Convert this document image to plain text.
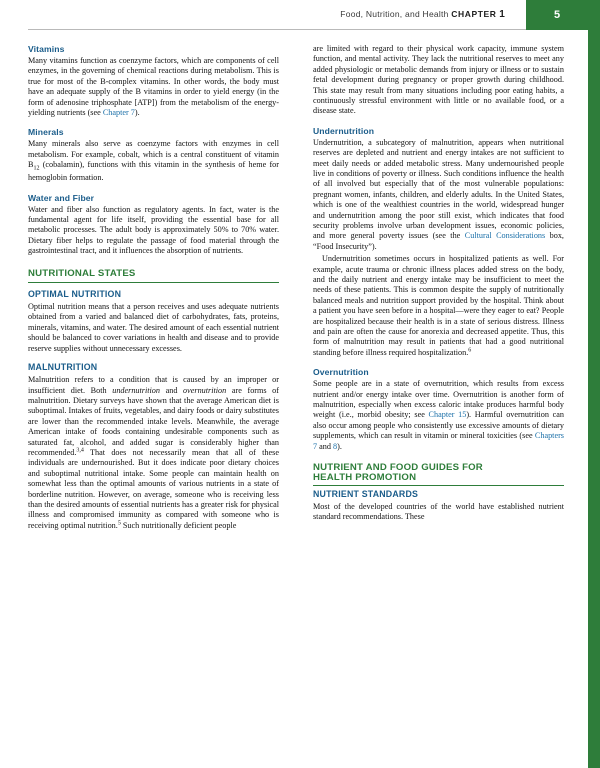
Food, Nutrition, and Health CHAPTER 1	5
Vitamins

Many vitamins function as coenzyme factors, which are components of cell enzymes, in the governing of chemical reactions during metabolism. This is true for most of the B-complex vitamins. In other words, the body must have an adequate supply of the B vitamins in order to yield energy (in the form of adenosine triphosphate [ATP]) from the metabolism of the energy-yielding nutrients (see Chapter 7).

Minerals

Many minerals also serve as coenzyme factors with enzymes in cell metabolism. For example, cobalt, which is a central constituent of vitamin $B_{12}$ (cobalamin), functions with this vitamin in the synthesis of heme for hemoglobin formation.

Water and Fiber

Water and fiber also function as regulatory agents. In fact, water is the fundamental agent for life itself, providing the essential base for all metabolic processes. The adult body is approximately 50% to 70% water. Dietary fiber helps to regulate the passage of food material through the gastrointestinal tract, and it influences the absorption of nutrients.

NUTRITIONAL STATES
OPTIMAL NUTRITION

Optimal nutrition means that a person receives and uses adequate nutrients obtained from a varied and balanced diet of carbohydrates, fats, proteins, minerals, vitamins, and water. The desired amount of each essential nutrient should be balanced to cover variations in health and disease and to provide reserve supplies without unnecessary excesses.

MALNUTRITION

Malnutrition refers to a condition that is caused by an improper or insufficient diet. Both undernutrition and overnutrition are forms of malnutrition. Dietary surveys have shown that the average American diet is suboptimal. Intakes of fruits, vegetables, and dairy foods or dairy substitutes are lower than the recommended intake levels. Meanwhile, the average American intake of foods containing undesirable components such as saturated fat, alcohol, and added sugar is considerably higher than recommended.$^{3,4}$ That does not necessarily mean that all of these individuals are undernourished. But it does indicate poor dietary choices and suboptimal nutritional intake. Some people can maintain health on somewhat less than the optimal amounts of various nutrients in a state of borderline nutrition. However, on average, someone who is receiving less than the desired amounts of essential nutrients has a greater risk for physical illness and compromised immunity as compared with someone who is receiving optimal nutrition.$^5$ Such nutritionally deficient people

are limited with regard to their physical work capacity, immune system function, and mental activity. They lack the nutritional reserves to meet any added physiologic or metabolic demands from injury or illness or to sustain fetal development during pregnancy or proper growth during childhood. This state may result from many situations including poor eating habits, a continuously stressful environment with little or no available food, or a disease state.

Undernutrition

Undernutrition, a subcategory of malnutrition, appears when nutritional reserves are depleted and nutrient and energy intakes are not sufficient to meet daily needs or added metabolic stress. Many undernourished people live in conditions of poverty or illness. Such conditions influence the health of all involved but especially that of the most vulnerable populations: pregnant women, infants, children, and elderly adults. In the United States, which is one of the wealthiest countries in the world, widespread hunger and undernutrition among the poor still exist, which indicates that food security problems involve urban development issues, economic policies, and more general poverty issues (see the Cultural Considerations box, “Food Insecurity”).

Undernutrition sometimes occurs in hospitalized patients as well. For example, acute trauma or chronic illness places added stress on the body, and the daily nutrient and energy intake may be insufficient to meet the needs of these patients. This is common despite the supply of nutritionally balanced meals and nutrition support provided by the hospital. Think about a patient you have seen before in a hospital—were they eager to eat? People are hospitalized because their health is in a state of serious distress. Illness and pain are often the cause for anorexia and decreased appetite. Thus, this form of malnutrition may result in patients that had a good nutritional standing before illness required hospitalization.$^6$

Overnutrition

Some people are in a state of overnutrition, which results from excess nutrient and/or energy intake over time. Overnutrition is another form of malnutrition, especially when excess caloric intake produces harmful body weight (i.e., morbid obesity; see Chapter 15). Harmful overnutrition can also occur among people who consistently use excessive amounts of dietary supplements, which can result in vitamin or mineral toxicities (see Chapters 7 and 8).

NUTRIENT AND FOOD GUIDES FOR
HEALTH PROMOTION
NUTRIENT STANDARDS

Most of the developed countries of the world have established nutrient standard recommendations. These
